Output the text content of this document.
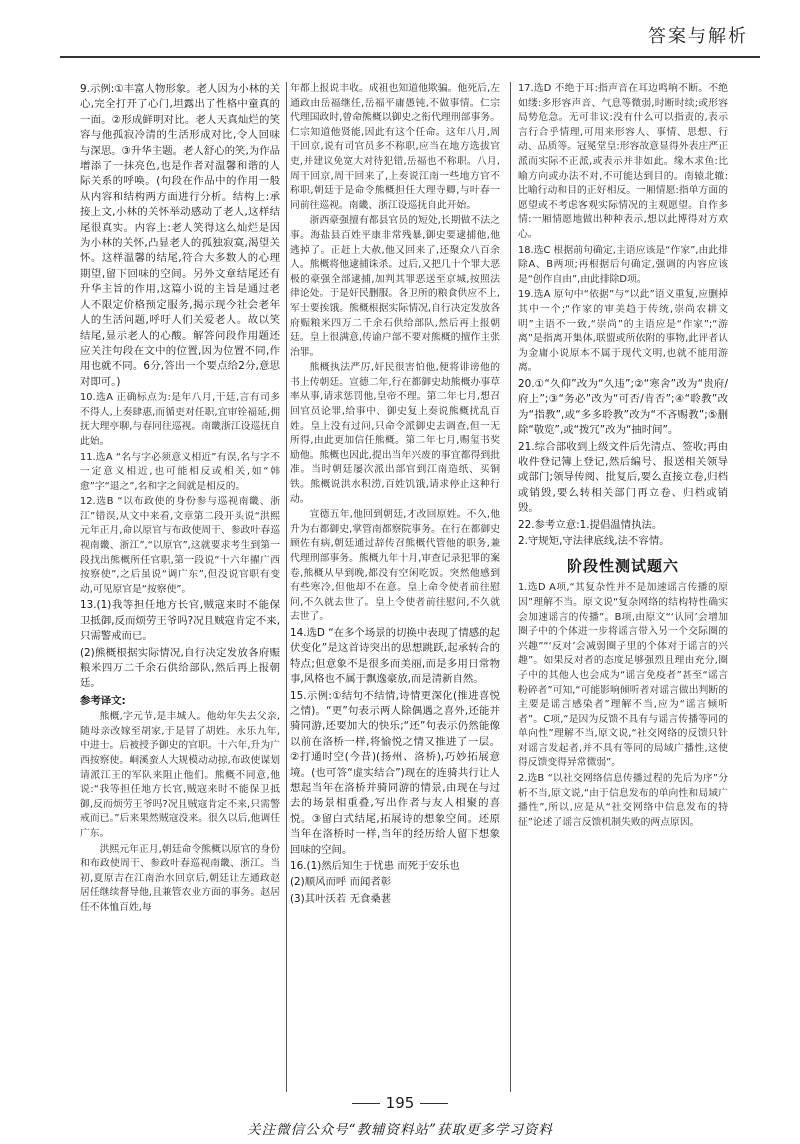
答案与解析

9.示例:①丰富人物形象。老人因为小林的关心,完全打开了心门,坦露出了性格中童真的一面。②形成鲜明对比。老人天真灿烂的笑容与他孤寂冷清的生活形成对比,令人回味与深思。③升华主题。老人舒心的笑,为作品增添了一抹亮色,也是作者对温馨和谐的人际关系的呼唤。(句段在作品中的作用一般从内容和结构两方面进行分析。结构上:承接上文,小林的关怀举动感动了老人,这样结尾很真实。内容上:老人笑得这么灿烂是因为小林的关怀,凸显老人的孤独寂寞,渴望关怀。这样温馨的结尾,符合大多数人的心理期望,留下回味的空间。另外文章结尾还有升华主旨的作用,这篇小说的主旨是通过老人不限定价格预定服务,揭示现今社会老年人的生活问题,呼吁人们关爱老人。故以笑结尾,显示老人的心酸。解答问段作用题还应关注句段在文中的位置,因为位置不同,作用也就不同。6分,答出一个要点给2分,意思对即可。)

10.选A 正确标点为:是年八月,干廷,言有司多不得人,上奏肆惠,而循吏对任职,宜审铨福延,拥抚大理亭聊,与春同往巡视。南畿浙江设巡抚自此始。

11.选A “名与字必须意义相近”有误,名与字不一定意义相近,也可能相反或相关,如“韩愈”字“退之”,名和字之间就是相反的。

12.选B “以布政使的身份参与巡视南畿、浙江”错误,从文中来看,文章第二段开头说“洪熙元年正月,命以原官与布政使周干、参政叶春巡视南畿、浙江”,“以原官”,这就要求考生到第一段找出熊概所任官职,第一段说“十六年擢广西按察使”,之后虽说“调广东”,但没说官职有变动,可见原官是“按察使”。

13.(1)我等担任地方长官,贼寇来时不能保卫抵御,反而烦劳王爷吗?况且贼寇肯定不来,只需警戒而已。

(2)熊概根据实际情况,自行决定发放各府赈粮米四万二千余石供给部队,然后再上报朝廷。

参考译文:

熊概,字元节,是丰城人。他幼年失去父亲,随母亲改嫁至胡家,于是冒了胡姓。永乐九年,中进士。后被授予御史的官职。十六年,升为广西按察使。峒溪蛮人大规模动动掠,布政使谋划请派江王的军队来阻止他们。熊概不同意,他说:“我等担任地方长官,贼寇来时不能保卫抵御,反而烦劳王爷吗?况且贼寇肯定不来,只需警戒而已。”后来果然贼寇没来。很久以后,他调任广东。

洪熙元年正月,朝廷命令熊概以原官的身份和布政使周干、参政叶春巡视南畿、浙江。当初,夏原吉在江南治水回京后,朝廷让左通政赵居任继续督导他,且兼管农业方面的事务。赵居任不体恤百姓,每

年都上报说丰收。成祖也知道他欺骗。他死后,左通政由岳福继任,岳福平庸愚钝,不做事情。仁宗代理国政时,曾命熊概以御史之衔代理刑部事务。仁宗知道他贤能,因此有这个任命。这年八月,周干回京,说有司官员多不称职,应当在地方选拔官吏,并建议免宽大对待犯错,岳福也不称职。八月,周干回京,周干回来了,上奏说江南一些地方官不称职,朝廷于是命令熊概担任大理寺卿,与叶春一同前往巡视。南畿、浙江设巡抚自此开始。

浙西豪强擅有都县官员的短处,长期做不法之事。海盐县百姓平康非常残暴,御史要逮捕他,他逃掉了。正赶上大赦,他又回来了,还聚众八百余人。熊概将他逮捕诛杀。过后,又把几十个罪大恶极的豪强全部逮捕,加判其罪恶送至京城,按照法律论处。于是奸民删服。各卫所的粮食供应不上,军士要挨饿。熊概根据实际情况,自行决定发放各府赈粮米四万二千余石供给部队,然后再上报朝廷。皇上很满意,传谕户部不要对熊概的擅作主张治罪。

熊概执法严厉,奸民很害怕他,便将诽谤他的书上传朝廷。宣德二年,行在都御史劫熊概办事草率从事,请求惩罚他,皇帝不理。第二年七月,想召回官员论罪,给事中、御史复上奏说熊概扰乱百姓。皇上没有过问,只命令派御史去调查,但一无所得,由此更加信任熊概。第二年七月,赐玺书奖励他。熊概也因此,提出当年兴废的事宜都得到批准。当时朝廷屡次派出部官到江南造纸、买铜铁。熊概说洪水积涝,百姓饥饿,请求停止这种行动。

宣德五年,他回到朝廷,才改回原姓。不久,他升为右都御史,掌管南都察院事务。在行在都御史顾佐有病,朝廷通过辞传召熊概代管他的职务,兼代理刑部事务。熊概九年十月,审查记录犯罪的案卷,熊概从早到晚,都没有空闲吃饭。突然他感到有些寒冷,但他却不在意。皇上命令使者前往慰问,不久就去世了。皇上令使者前往慰问,不久就去世了。

14.选D “在多个场景的切换中表现了情感的起伏变化”是这首诗突出的思想跳跃,起承转合的特点;但意象不是很多而美丽,而是多用日常物事,风格也不属于飘逸豪放,而是清新自然。

15.示例:①结句不结情,诗情更深化(推进喜悦之情)。“更”句表示两人除偶遇之喜外,还能并骑同游,还要加大的快乐;“还”句表示仍然能像以前在洛桥一样,将愉悦之情又推进了一层。②打通时空(今昔)(扬州、洛桥),巧妙拓展意境。(也可答“虚实结合”)现在的连骑共行让人想起当年在洛桥并骑同游的情景,由现在与过去的场景相重叠,写出作者与友人相聚的喜悦。③留白式结尾,拓展诗的想象空间。还原当年在洛桥时一样,当年的经历给人留下想象回味的空间。

16.(1)然后知生于忧患 而死于安乐也

(2)顺风而呼 而闻者彰

(3)其叶沃若 无食桑葚

17.选D 不绝于耳:指声音在耳边鸣响不断。不绝如缕:多形容声音、气息等微弱,时断时续;或形容局势危急。无可非议:没有什么可以指责的,表示言行合乎情理,可用来形容人、事情、思想、行动、品质等。冠冕堂皇:形容故意显得外表庄严正派而实际不正派,或表示并非如此。缘木求鱼:比喻方向或办法不对,不可能达到目的。南辕北辙:比喻行动和目的正好相反。一厢情愿:指单方面的愿望或不考虑客观实际情况的主观愿望。自作多情:一厢情愿地做出种种表示,想以此博得对方欢心。

18.选C 根据前句确定,主语应该是“作家”,由此排除A、B两项;再根据后句确定,强调的内容应该是“创作自由”,由此排除D项。

19.选A 原句中“依据”与“以此”语义重复,应删掉其中一个;“作家的审美趋于传统,崇尚农耕文明”主语不一致,“崇尚”的主语应是“作家”;“游离”是指离开集体,联盟或所依附的事物,此评者认为金庸小说原本不属于现代文明,也就不能用游离。

20.①“久仰”改为“久违”;②“寒舍”改为“贵府/府上”;③“务必”改为“可否/肯否”;④“聆教”改为“指教”,或“多多聆教”改为“不吝赐教”;⑤删除“敬览”,或“拨冗”改为“抽时间”。

21.综合部收到上级文件后先清点、签收;再由收件登记簿上登记,然后编号、报送相关领导或部门;领导传阅、批复后,要么直接立卷,归档或销毁,要么转相关部门再立卷、归档或销毁。

22.参考立意:1.提倡温情执法。

2.守规矩,守法律底线,法不容情。

阶段性测试题六

1.选D A项,“其复杂性并不是加速谣言传播的原因”理解不当。原文说“复杂网络的结构特性确实会加速谣言的传播”。B项,由原文“‘认同’会增加圈子中的个体进一步将谣言带入另一个交际圈的兴趣”“‘反对’会减弱圈子里的个体对于谣言的兴趣”。如果反对者的态度足够强烈且理由充分,圈子中的其他人也会成为“谣言免疫者”甚至“谣言粉碎者”可知,“可能影响倾听者对谣言做出判断的主要是谣言感染者”理解不当,应为“谣言倾听者”。C项,“是因为反馈不具有与谣言传播等同的单向性”理解不当,原文说,“社交网络的反馈只针对谣言发起者,并不具有等同的局域广播性,这使得反馈变得异常微弱”。

2.选B “以社交网络信息传播过程的先后为序”分析不当,原文说,“由于信息发布的单向性和局域广播性”,所以,应是从“社交网络中信息发布的特征”论述了谣言反馈机制失败的两点原因。

195
关注微信公众号“教辅资料站”获取更多学习资料
